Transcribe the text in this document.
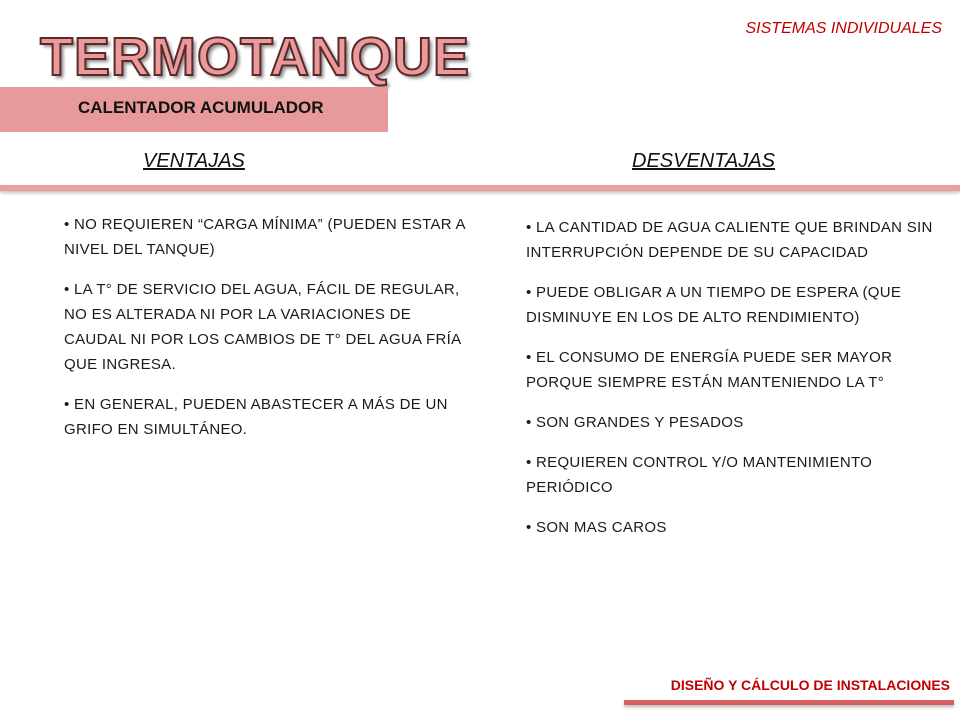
SISTEMAS INDIVIDUALES
TERMOTANQUE
CALENTADOR ACUMULADOR
VENTAJAS	DESVENTAJAS
• NO REQUIEREN “CARGA MÍNIMA” (PUEDEN ESTAR A NIVEL DEL TANQUE)
• LA T° DE SERVICIO DEL AGUA, FÁCIL DE REGULAR, NO ES ALTERADA NI POR LA VARIACIONES DE CAUDAL NI POR LOS CAMBIOS DE T° DEL AGUA FRÍA QUE INGRESA.
• EN GENERAL, PUEDEN ABASTECER A MÁS DE UN GRIFO EN SIMULTÁNEO.
• LA CANTIDAD DE AGUA CALIENTE QUE BRINDAN SIN INTERRUPCIÓN DEPENDE DE SU CAPACIDAD
• PUEDE OBLIGAR A UN TIEMPO DE ESPERA (QUE DISMINUYE EN LOS DE ALTO RENDIMIENTO)
• EL CONSUMO DE ENERGÍA PUEDE SER MAYOR PORQUE SIEMPRE ESTÁN MANTENIENDO LA T°
• SON GRANDES Y PESADOS
• REQUIEREN CONTROL Y/O MANTENIMIENTO PERIÓDICO
• SON MAS CAROS
DISEÑO Y CÁLCULO DE INSTALACIONES
